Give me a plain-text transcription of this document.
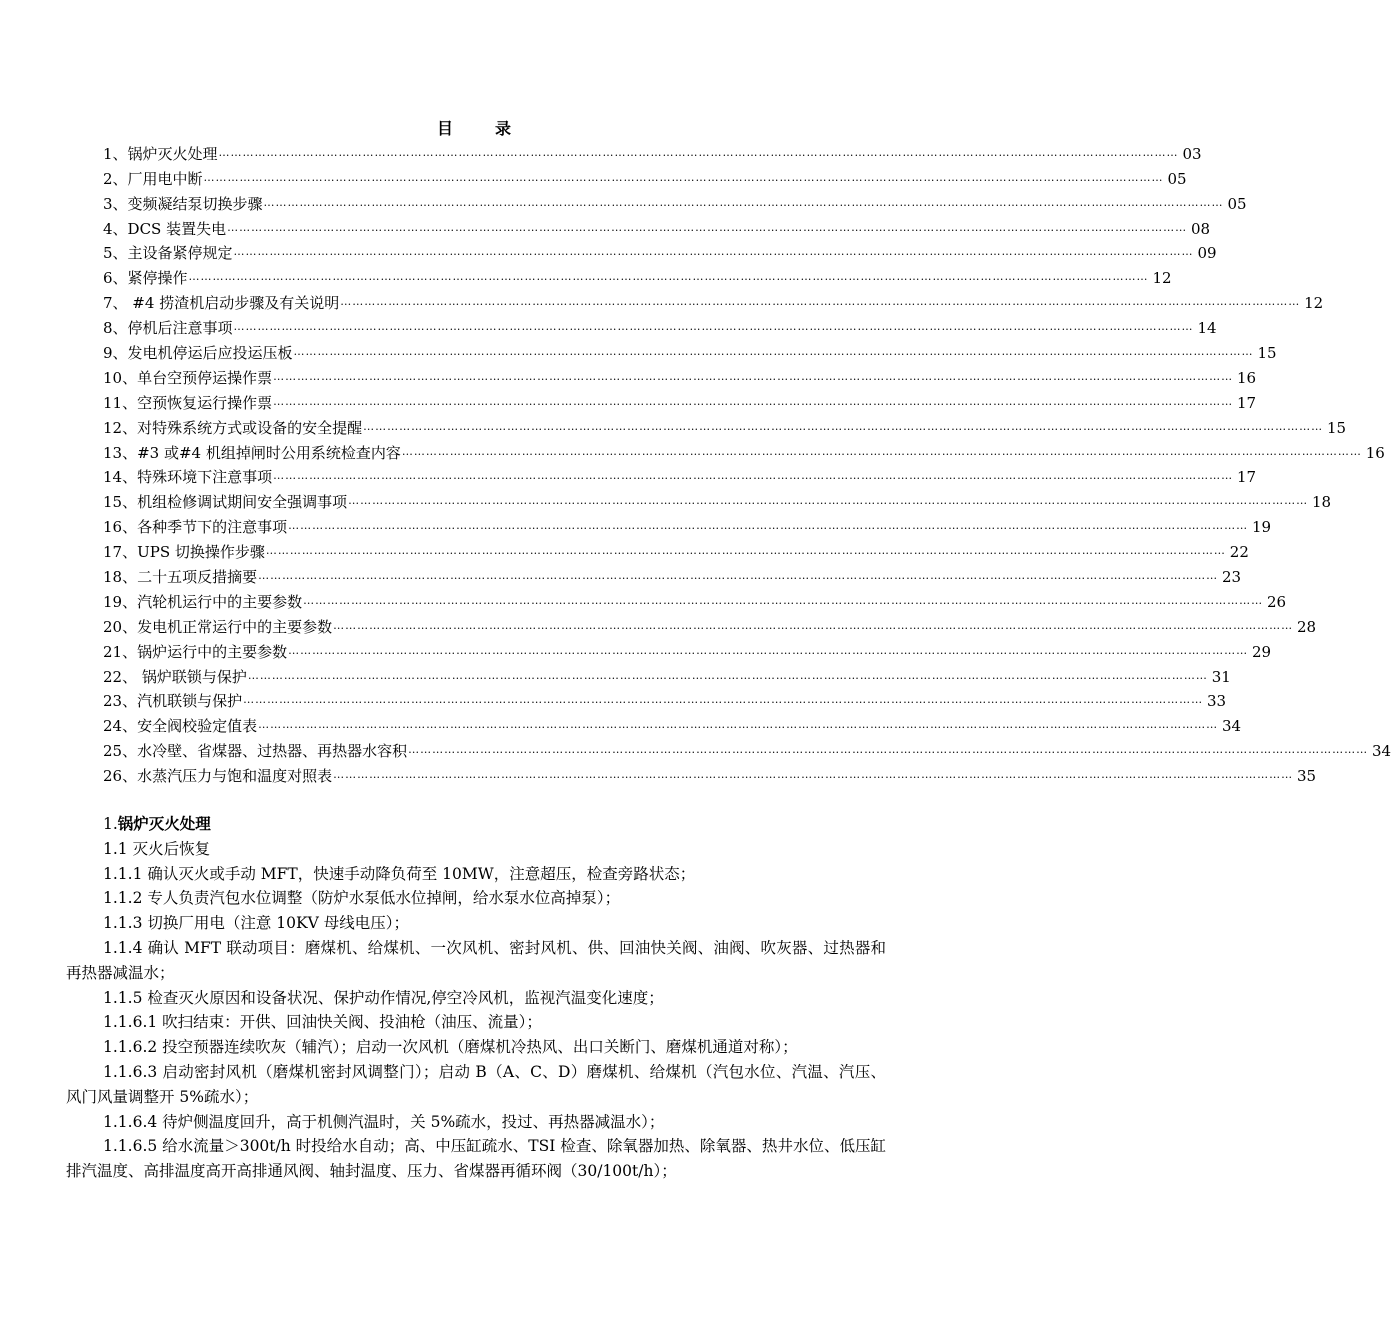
目	录
1、锅炉灭火处理 …………………………………………………………………………………………………………………………………………………………………………………………………………………… 03
2、厂用电中断 …………………………………………………………………………………………………………………………………………………………………………………………………………………… 05
3、变频凝结泵切换步骤 …………………………………………………………………………………………………………………………………………………………………………………………………………………… 05
4、DCS 装置失电 …………………………………………………………………………………………………………………………………………………………………………………………………………………… 08
5、主设备紧停规定 …………………………………………………………………………………………………………………………………………………………………………………………………………………… 09
6、紧停操作 …………………………………………………………………………………………………………………………………………………………………………………………………………………… 12
7、 #4 捞渣机启动步骤及有关说明 …………………………………………………………………………………………………………………………………………………………………………………………………………………… 12
8、停机后注意事项 …………………………………………………………………………………………………………………………………………………………………………………………………………………… 14
9、发电机停运后应投运压板 …………………………………………………………………………………………………………………………………………………………………………………………………………………… 15
10、单台空预停运操作票 …………………………………………………………………………………………………………………………………………………………………………………………………………………… 16
11、空预恢复运行操作票 …………………………………………………………………………………………………………………………………………………………………………………………………………………… 17
12、对特殊系统方式或设备的安全提醒 …………………………………………………………………………………………………………………………………………………………………………………………………………………… 15
13、#3 或#4 机组掉闸时公用系统检查内容 …………………………………………………………………………………………………………………………………………………………………………………………………………………… 16
14、特殊环境下注意事项 …………………………………………………………………………………………………………………………………………………………………………………………………………………… 17
15、机组检修调试期间安全强调事项 …………………………………………………………………………………………………………………………………………………………………………………………………………………… 18
16、各种季节下的注意事项 …………………………………………………………………………………………………………………………………………………………………………………………………………………… 19
17、UPS 切换操作步骤 …………………………………………………………………………………………………………………………………………………………………………………………………………………… 22
18、二十五项反措摘要 …………………………………………………………………………………………………………………………………………………………………………………………………………………… 23
19、汽轮机运行中的主要参数 …………………………………………………………………………………………………………………………………………………………………………………………………………………… 26
20、发电机正常运行中的主要参数 …………………………………………………………………………………………………………………………………………………………………………………………………………………… 28
21、锅炉运行中的主要参数 …………………………………………………………………………………………………………………………………………………………………………………………………………………… 29
22、 锅炉联锁与保护 …………………………………………………………………………………………………………………………………………………………………………………………………………………… 31
23、汽机联锁与保护 …………………………………………………………………………………………………………………………………………………………………………………………………………………… 33
24、安全阀校验定值表 …………………………………………………………………………………………………………………………………………………………………………………………………………………… 34
25、水冷壁、省煤器、过热器、再热器水容积 …………………………………………………………………………………………………………………………………………………………………………………………………………………… 34
26、水蒸汽压力与饱和温度对照表 …………………………………………………………………………………………………………………………………………………………………………………………………………………… 35

1.锅炉灭火处理

1.1 灭火后恢复

1.1.1 确认灭火或手动 MFT，快速手动降负荷至 10MW，注意超压，检查旁路状态；

1.1.2 专人负责汽包水位调整（防炉水泵低水位掉闸，给水泵水位高掉泵）；

1.1.3 切换厂用电（注意 10KV 母线电压）；

1.1.4 确认 MFT 联动项目：磨煤机、给煤机、一次风机、密封风机、供、回油快关阀、油阀、吹灰器、过热器和再热器减温水；

1.1.5 检查灭火原因和设备状况、保护动作情况,停空冷风机，监视汽温变化速度；

1.1.6.1 吹扫结束：开供、回油快关阀、投油枪（油压、流量）；

1.1.6.2 投空预器连续吹灰（辅汽）；启动一次风机（磨煤机冷热风、出口关断门、磨煤机通道对称）；

1.1.6.3 启动密封风机（磨煤机密封风调整门）；启动 B（A、C、D）磨煤机、给煤机（汽包水位、汽温、汽压、风门风量调整开 5%疏水）；

1.1.6.4 待炉侧温度回升，高于机侧汽温时，关 5%疏水，投过、再热器减温水）；

1.1.6.5 给水流量＞300t/h 时投给水自动；高、中压缸疏水、TSI 检查、除氧器加热、除氧器、热井水位、低压缸排汽温度、高排温度高开高排通风阀、轴封温度、压力、省煤器再循环阀（30/100t/h）；
